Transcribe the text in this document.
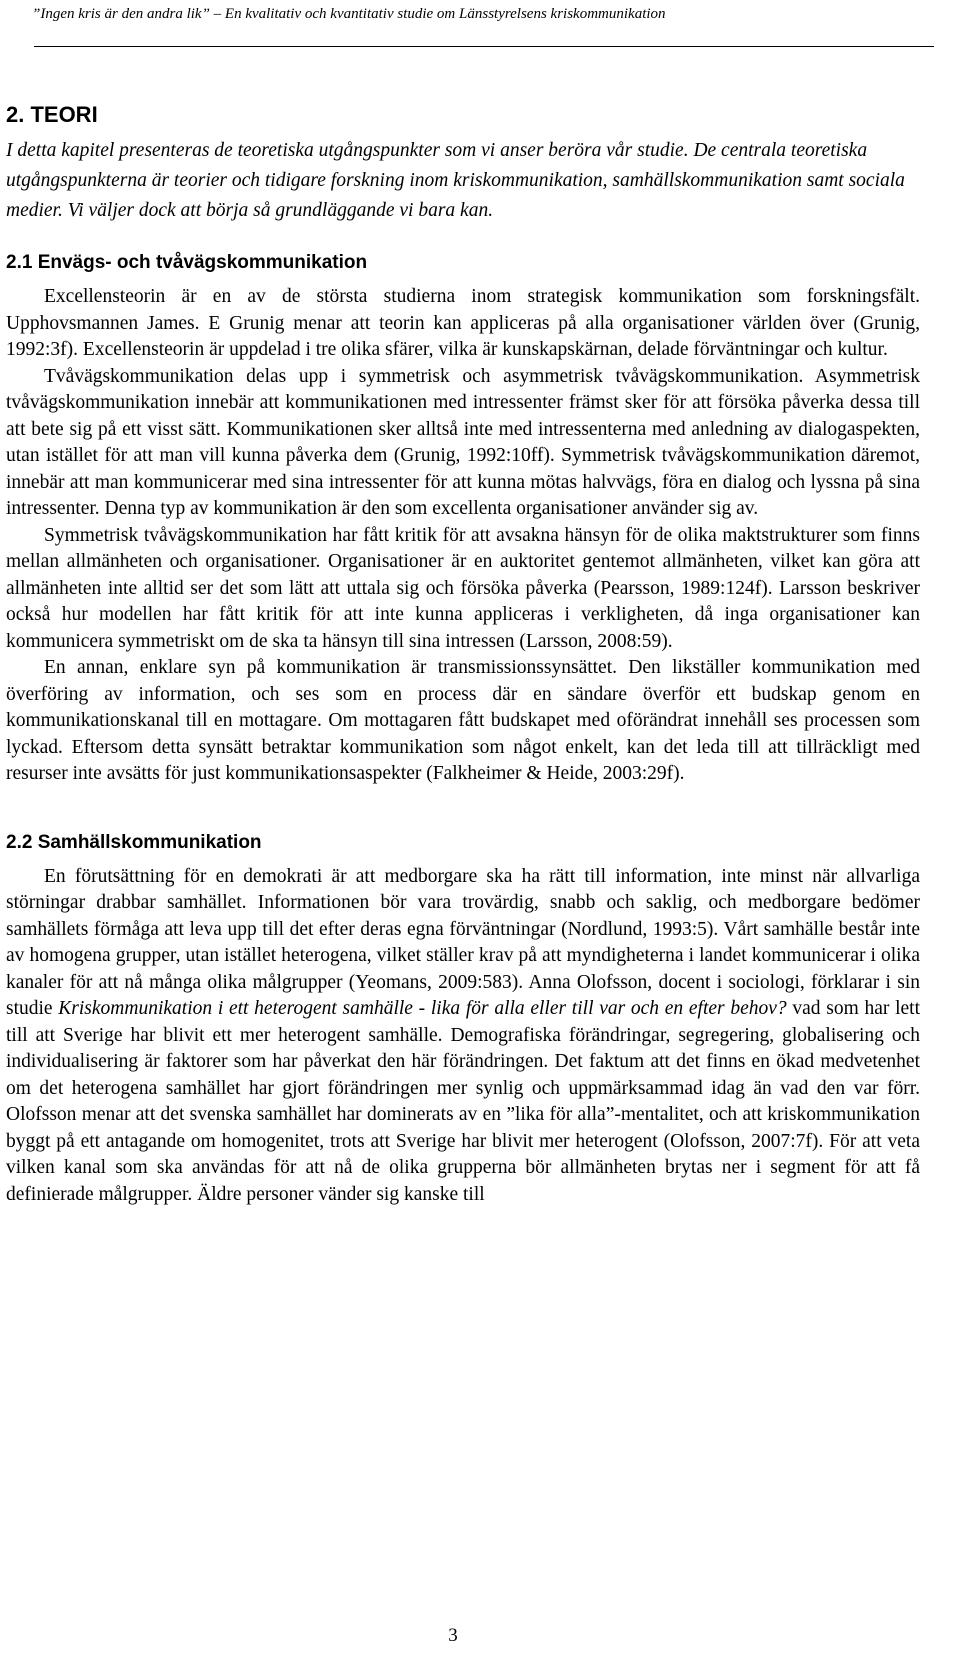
”Ingen kris är den andra lik” – En kvalitativ och kvantitativ studie om Länsstyrelsens kriskommunikation
2. TEORI

I detta kapitel presenteras de teoretiska utgångspunkter som vi anser beröra vår studie. De centrala teoretiska utgångspunkterna är teorier och tidigare forskning inom kriskommunikation, samhällskommunikation samt sociala medier. Vi väljer dock att börja så grundläggande vi bara kan.

2.1 Envägs- och tvåvägskommunikation

Excellensteorin är en av de största studierna inom strategisk kommunikation som forskningsfält. Upphovsmannen James. E Grunig menar att teorin kan appliceras på alla organisationer världen över (Grunig, 1992:3f). Excellensteorin är uppdelad i tre olika sfärer, vilka är kunskapskärnan, delade förväntningar och kultur.

Tvåvägskommunikation delas upp i symmetrisk och asymmetrisk tvåvägskommunikation. Asymmetrisk tvåvägskommunikation innebär att kommunikationen med intressenter främst sker för att försöka påverka dessa till att bete sig på ett visst sätt. Kommunikationen sker alltså inte med intressenterna med anledning av dialogaspekten, utan istället för att man vill kunna påverka dem (Grunig, 1992:10ff). Symmetrisk tvåvägskommunikation däremot, innebär att man kommunicerar med sina intressenter för att kunna mötas halvvägs, föra en dialog och lyssna på sina intressenter. Denna typ av kommunikation är den som excellenta organisationer använder sig av.

Symmetrisk tvåvägskommunikation har fått kritik för att avsakna hänsyn för de olika maktstrukturer som finns mellan allmänheten och organisationer. Organisationer är en auktoritet gentemot allmänheten, vilket kan göra att allmänheten inte alltid ser det som lätt att uttala sig och försöka påverka (Pearsson, 1989:124f). Larsson beskriver också hur modellen har fått kritik för att inte kunna appliceras i verkligheten, då inga organisationer kan kommunicera symmetriskt om de ska ta hänsyn till sina intressen (Larsson, 2008:59).

En annan, enklare syn på kommunikation är transmissionssynsättet. Den likställer kommunikation med överföring av information, och ses som en process där en sändare överför ett budskap genom en kommunikationskanal till en mottagare. Om mottagaren fått budskapet med oförändrat innehåll ses processen som lyckad. Eftersom detta synsätt betraktar kommunikation som något enkelt, kan det leda till att tillräckligt med resurser inte avsätts för just kommunikationsaspekter (Falkheimer & Heide, 2003:29f).

2.2 Samhällskommunikation

En förutsättning för en demokrati är att medborgare ska ha rätt till information, inte minst när allvarliga störningar drabbar samhället. Informationen bör vara trovärdig, snabb och saklig, och medborgare bedömer samhällets förmåga att leva upp till det efter deras egna förväntningar (Nordlund, 1993:5). Vårt samhälle består inte av homogena grupper, utan istället heterogena, vilket ställer krav på att myndigheterna i landet kommunicerar i olika kanaler för att nå många olika målgrupper (Yeomans, 2009:583). Anna Olofsson, docent i sociologi, förklarar i sin studie Kriskommunikation i ett heterogent samhälle - lika för alla eller till var och en efter behov? vad som har lett till att Sverige har blivit ett mer heterogent samhälle. Demografiska förändringar, segregering, globalisering och individualisering är faktorer som har påverkat den här förändringen. Det faktum att det finns en ökad medvetenhet om det heterogena samhället har gjort förändringen mer synlig och uppmärksammad idag än vad den var förr. Olofsson menar att det svenska samhället har dominerats av en ”lika för alla”-mentalitet, och att kriskommunikation byggt på ett antagande om homogenitet, trots att Sverige har blivit mer heterogent (Olofsson, 2007:7f). För att veta vilken kanal som ska användas för att nå de olika grupperna bör allmänheten brytas ner i segment för att få definierade målgrupper. Äldre personer vänder sig kanske till

3
